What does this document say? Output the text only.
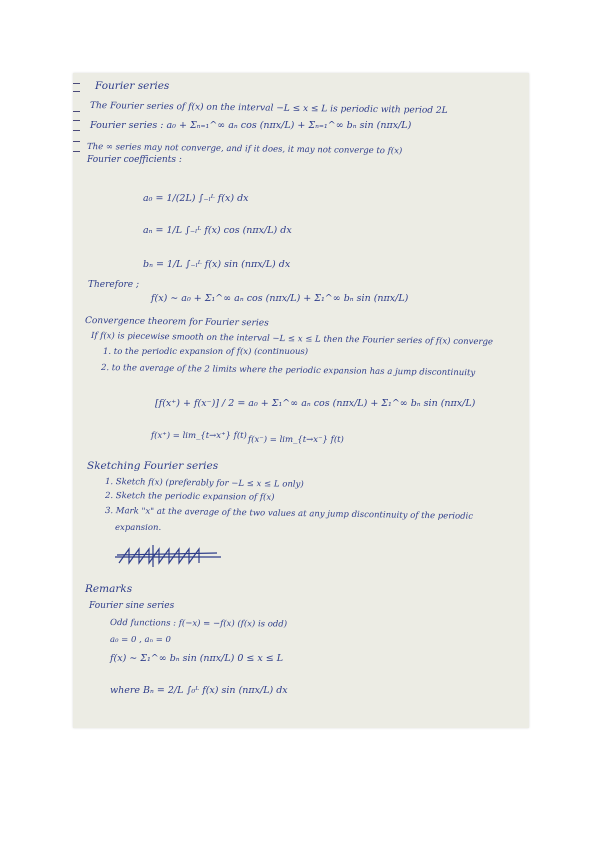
Fourier series
The Fourier series of f(x) on the interval −L ≤ x ≤ L is periodic with period 2L
Fourier series : a₀ + Σₙ₌₁^∞ aₙ cos (nπx/L) + Σₙ₌₁^∞ bₙ sin (nπx/L)
The ∞ series may not converge, and if it does, it may not converge to f(x)
Fourier coefficients :
a₀ = 1/(2L) ∫₋ₗᴸ f(x) dx
aₙ = 1/L ∫₋ₗᴸ f(x) cos (nπx/L) dx
bₙ = 1/L ∫₋ₗᴸ f(x) sin (nπx/L) dx
Therefore ;
f(x) ∼ a₀ + Σ₁^∞ aₙ cos (nπx/L) + Σ₁^∞ bₙ sin (nπx/L)
Convergence theorem for Fourier series
If f(x) is piecewise smooth on the interval −L ≤ x ≤ L then the Fourier series of f(x) converge
1. to the periodic expansion of f(x) (continuous)
2. to the average of the 2 limits where the periodic expansion has a jump discontinuity
[f(x⁺) + f(x⁻)] / 2 = a₀ + Σ₁^∞ aₙ cos (nπx/L) + Σ₁^∞ bₙ sin (nπx/L)
f(x⁺) = lim_{t→x⁺} f(t) f(x⁻) = lim_{t→x⁻} f(t)
Sketching Fourier series
1. Sketch f(x) (preferably for −L ≤ x ≤ L only)
2. Sketch the periodic expansion of f(x)
3. Mark "x" at the average of the two values at any jump discontinuity of the periodic
expansion.
Remarks
Fourier sine series
Odd functions : f(−x) = −f(x) (f(x) is odd)
a₀ = 0 , aₙ = 0
f(x) ∼ Σ₁^∞ bₙ sin (nπx/L) 0 ≤ x ≤ L
where Bₙ = 2/L ∫₀ᴸ f(x) sin (nπx/L) dx
